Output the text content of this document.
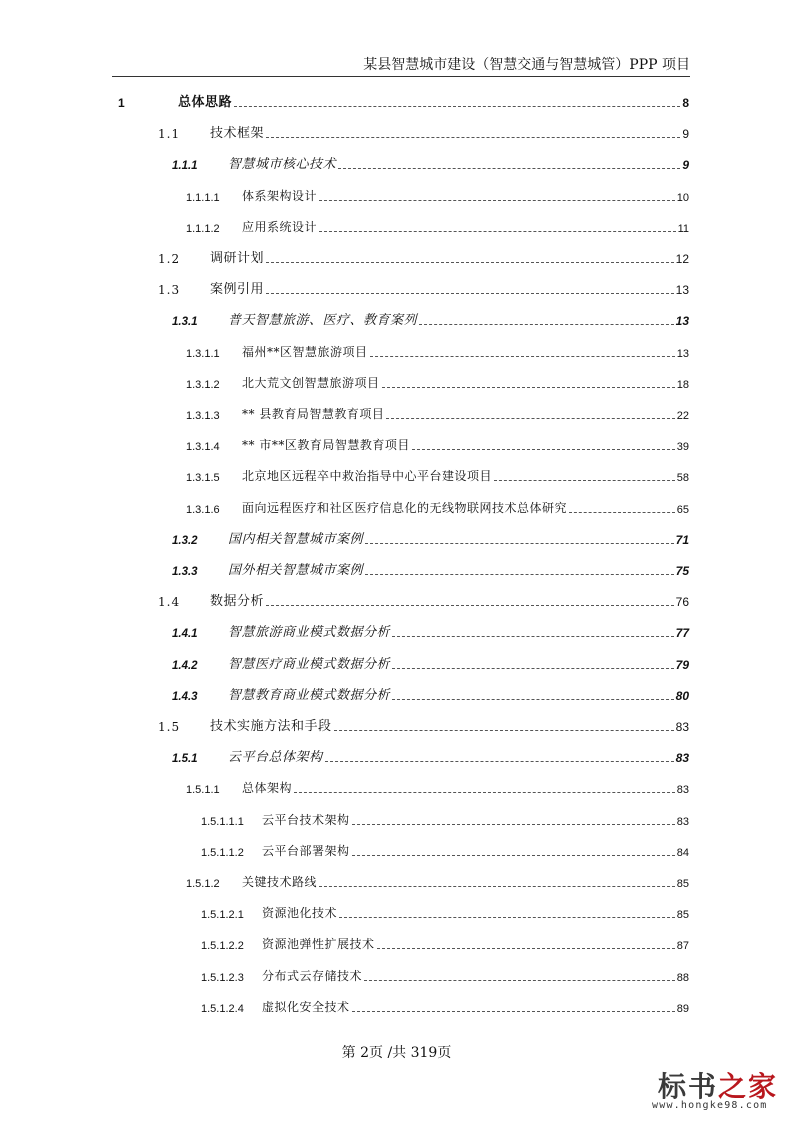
某县智慧城市建设（智慧交通与智慧城管）PPP 项目
1	总体思路	8
1.1 技术框架	9
1.1.1 智慧城市核心技术	9
1.1.1.1 体系架构设计	10
1.1.1.2 应用系统设计	11
1.2 调研计划	12
1.3 案例引用	13
1.3.1 普天智慧旅游、医疗、教育案列	13
1.3.1.1 福州**区智慧旅游项目	13
1.3.1.2 北大荒文创智慧旅游项目	18
1.3.1.3 ** 县教育局智慧教育项目	22
1.3.1.4 ** 市**区教育局智慧教育项目	39
1.3.1.5 北京地区远程卒中救治指导中心平台建设项目	58
1.3.1.6 面向远程医疗和社区医疗信息化的无线物联网技术总体研究	65
1.3.2 国内相关智慧城市案例	71
1.3.3 国外相关智慧城市案例	75
1.4 数据分析	76
1.4.1 智慧旅游商业模式数据分析	77
1.4.2 智慧医疗商业模式数据分析	79
1.4.3 智慧教育商业模式数据分析	80
1.5 技术实施方法和手段	83
1.5.1 云平台总体架构	83
1.5.1.1 总体架构	83
1.5.1.1.1 云平台技术架构	83
1.5.1.1.2 云平台部署架构	84
1.5.1.2 关键技术路线	85
1.5.1.2.1 资源池化技术	85
1.5.1.2.2 资源池弹性扩展技术	87
1.5.1.2.3 分布式云存储技术	88
1.5.1.2.4 虚拟化安全技术	89
第 2页 /共 319页
标书之家
www.hongke98.com
